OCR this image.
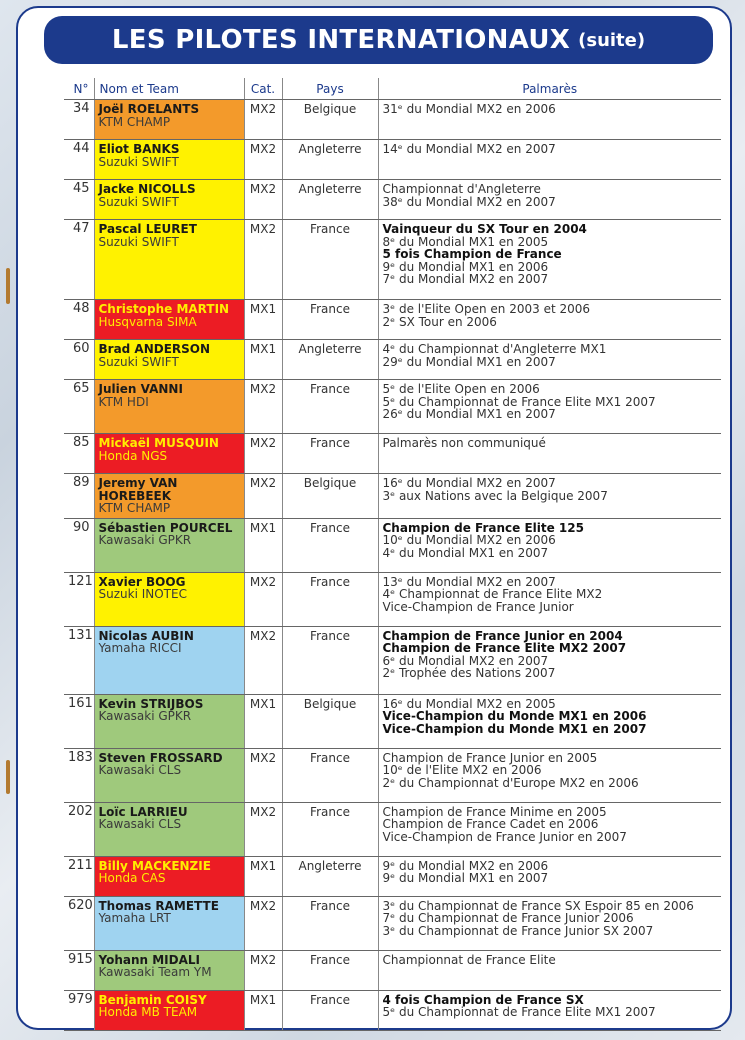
LES PILOTES INTERNATIONAUX (suite)
N°	Nom et Team	Cat.	Pays	Palmarès
34	Joël ROELANTS
KTM CHAMP	MX2	Belgique	31ᵉ du Mondial MX2 en 2006

44	Eliot BANKS
Suzuki SWIFT	MX2	Angleterre	14ᵉ du Mondial MX2 en 2007

45	Jacke NICOLLS
Suzuki SWIFT	MX2	Angleterre	Championnat d'Angleterre
38ᵉ du Mondial MX2 en 2007

47	Pascal LEURET
Suzuki SWIFT	MX2	France	Vainqueur du SX Tour en 2004
8ᵉ du Mondial MX1 en 2005
5 fois Champion de France
9ᵉ du Mondial MX1 en 2006
7ᵉ du Mondial MX2 en 2007

48	Christophe MARTIN
Husqvarna SIMA	MX1	France	3ᵉ de l'Elite Open en 2003 et 2006
2ᵉ SX Tour en 2006

60	Brad ANDERSON
Suzuki SWIFT	MX1	Angleterre	4ᵉ du Championnat d'Angleterre MX1
29ᵉ du Mondial MX1 en 2007

65	Julien VANNI
KTM HDI	MX2	France	5ᵉ de l'Elite Open en 2006
5ᵉ du Championnat de France Elite MX1 2007
26ᵉ du Mondial MX1 en 2007

85	Mickaël MUSQUIN
Honda NGS	MX2	France	Palmarès non communiqué

89	Jeremy VAN HOREBEEK
KTM CHAMP	MX2	Belgique	16ᵉ du Mondial MX2 en 2007
3ᵉ aux Nations avec la Belgique 2007

90	Sébastien POURCEL
Kawasaki GPKR	MX1	France	Champion de France Elite 125
10ᵉ du Mondial MX2 en 2006
4ᵉ du Mondial MX1 en 2007

121	Xavier BOOG
Suzuki INOTEC	MX2	France	13ᵉ du Mondial MX2 en 2007
4ᵉ Championnat de France Elite MX2
Vice-Champion de France Junior

131	Nicolas AUBIN
Yamaha RICCI	MX2	France	Champion de France Junior en 2004
Champion de France Elite MX2 2007
6ᵉ du Mondial MX2 en 2007
2ᵉ Trophée des Nations 2007

161	Kevin STRIJBOS
Kawasaki GPKR	MX1	Belgique	16ᵉ du Mondial MX2 en 2005
Vice-Champion du Monde MX1 en 2006
Vice-Champion du Monde MX1 en 2007

183	Steven FROSSARD
Kawasaki CLS	MX2	France	Champion de France Junior en 2005
10ᵉ de l'Elite MX2 en 2006
2ᵉ du Championnat d'Europe MX2 en 2006

202	Loïc LARRIEU
Kawasaki CLS	MX2	France	Champion de France Minime en 2005
Champion de France Cadet en 2006
Vice-Champion de France Junior en 2007

211	Billy MACKENZIE
Honda CAS	MX1	Angleterre	9ᵉ du Mondial MX2 en 2006
9ᵉ du Mondial MX1 en 2007

620	Thomas RAMETTE
Yamaha LRT	MX2	France	3ᵉ du Championnat de France SX Espoir 85 en 2006
7ᵉ du Championnat de France Junior 2006
3ᵉ du Championnat de France Junior SX 2007

915	Yohann MIDALI
Kawasaki Team YM	MX2	France	Championnat de France Elite

979	Benjamin COISY
Honda MB TEAM	MX1	France	4 fois Champion de France SX
5ᵉ du Championnat de France Elite MX1 2007
